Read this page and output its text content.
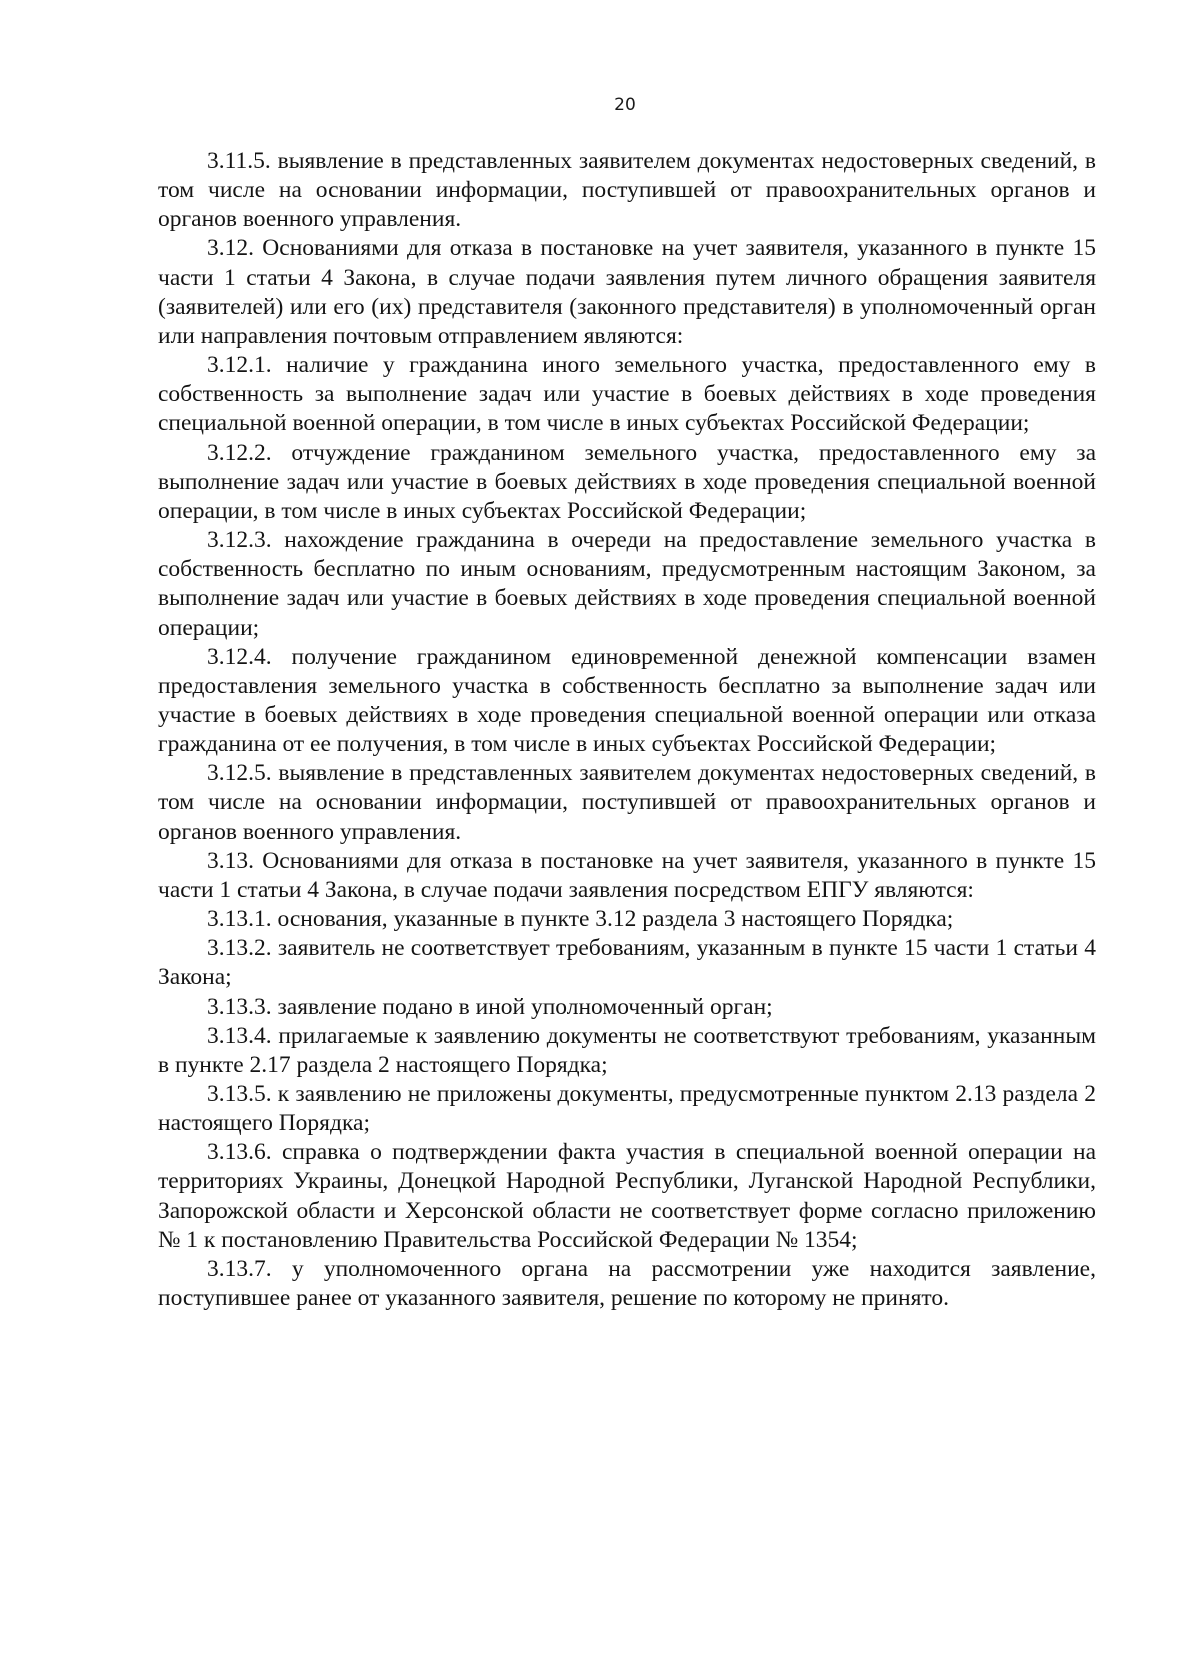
20

3.11.5. выявление в представленных заявителем документах недостоверных сведений, в том числе на основании информации, поступившей от правоохранительных органов и органов военного управления.

3.12. Основаниями для отказа в постановке на учет заявителя, указанного в пункте 15 части 1 статьи 4 Закона, в случае подачи заявления путем личного обращения заявителя (заявителей) или его (их) представителя (законного представителя) в уполномоченный орган или направления почтовым отправлением являются:

3.12.1. наличие у гражданина иного земельного участка, предоставленного ему в собственность за выполнение задач или участие в боевых действиях в ходе проведения специальной военной операции, в том числе в иных субъектах Российской Федерации;

3.12.2. отчуждение гражданином земельного участка, предоставленного ему за выполнение задач или участие в боевых действиях в ходе проведения специальной военной операции, в том числе в иных субъектах Российской Федерации;

3.12.3. нахождение гражданина в очереди на предоставление земельного участка в собственность бесплатно по иным основаниям, предусмотренным настоящим Законом, за выполнение задач или участие в боевых действиях в ходе проведения специальной военной операции;

3.12.4. получение гражданином единовременной денежной компенсации взамен предоставления земельного участка в собственность бесплатно за выполнение задач или участие в боевых действиях в ходе проведения специальной военной операции или отказа гражданина от ее получения, в том числе в иных субъектах Российской Федерации;

3.12.5. выявление в представленных заявителем документах недостоверных сведений, в том числе на основании информации, поступившей от правоохранительных органов и органов военного управления.

3.13. Основаниями для отказа в постановке на учет заявителя, указанного в пункте 15 части 1 статьи 4 Закона, в случае подачи заявления посредством ЕПГУ являются:

3.13.1. основания, указанные в пункте 3.12 раздела 3 настоящего Порядка;

3.13.2. заявитель не соответствует требованиям, указанным в пункте 15 части 1 статьи 4 Закона;

3.13.3. заявление подано в иной уполномоченный орган;

3.13.4. прилагаемые к заявлению документы не соответствуют требованиям, указанным в пункте 2.17 раздела 2 настоящего Порядка;

3.13.5. к заявлению не приложены документы, предусмотренные пунктом 2.13 раздела 2 настоящего Порядка;

3.13.6. справка о подтверждении факта участия в специальной военной операции на территориях Украины, Донецкой Народной Республики, Луганской Народной Республики, Запорожской области и Херсонской области не соответствует форме согласно приложению № 1 к постановлению Правительства Российской Федерации № 1354;

3.13.7. у уполномоченного органа на рассмотрении уже находится заявление, поступившее ранее от указанного заявителя, решение по которому не принято.
